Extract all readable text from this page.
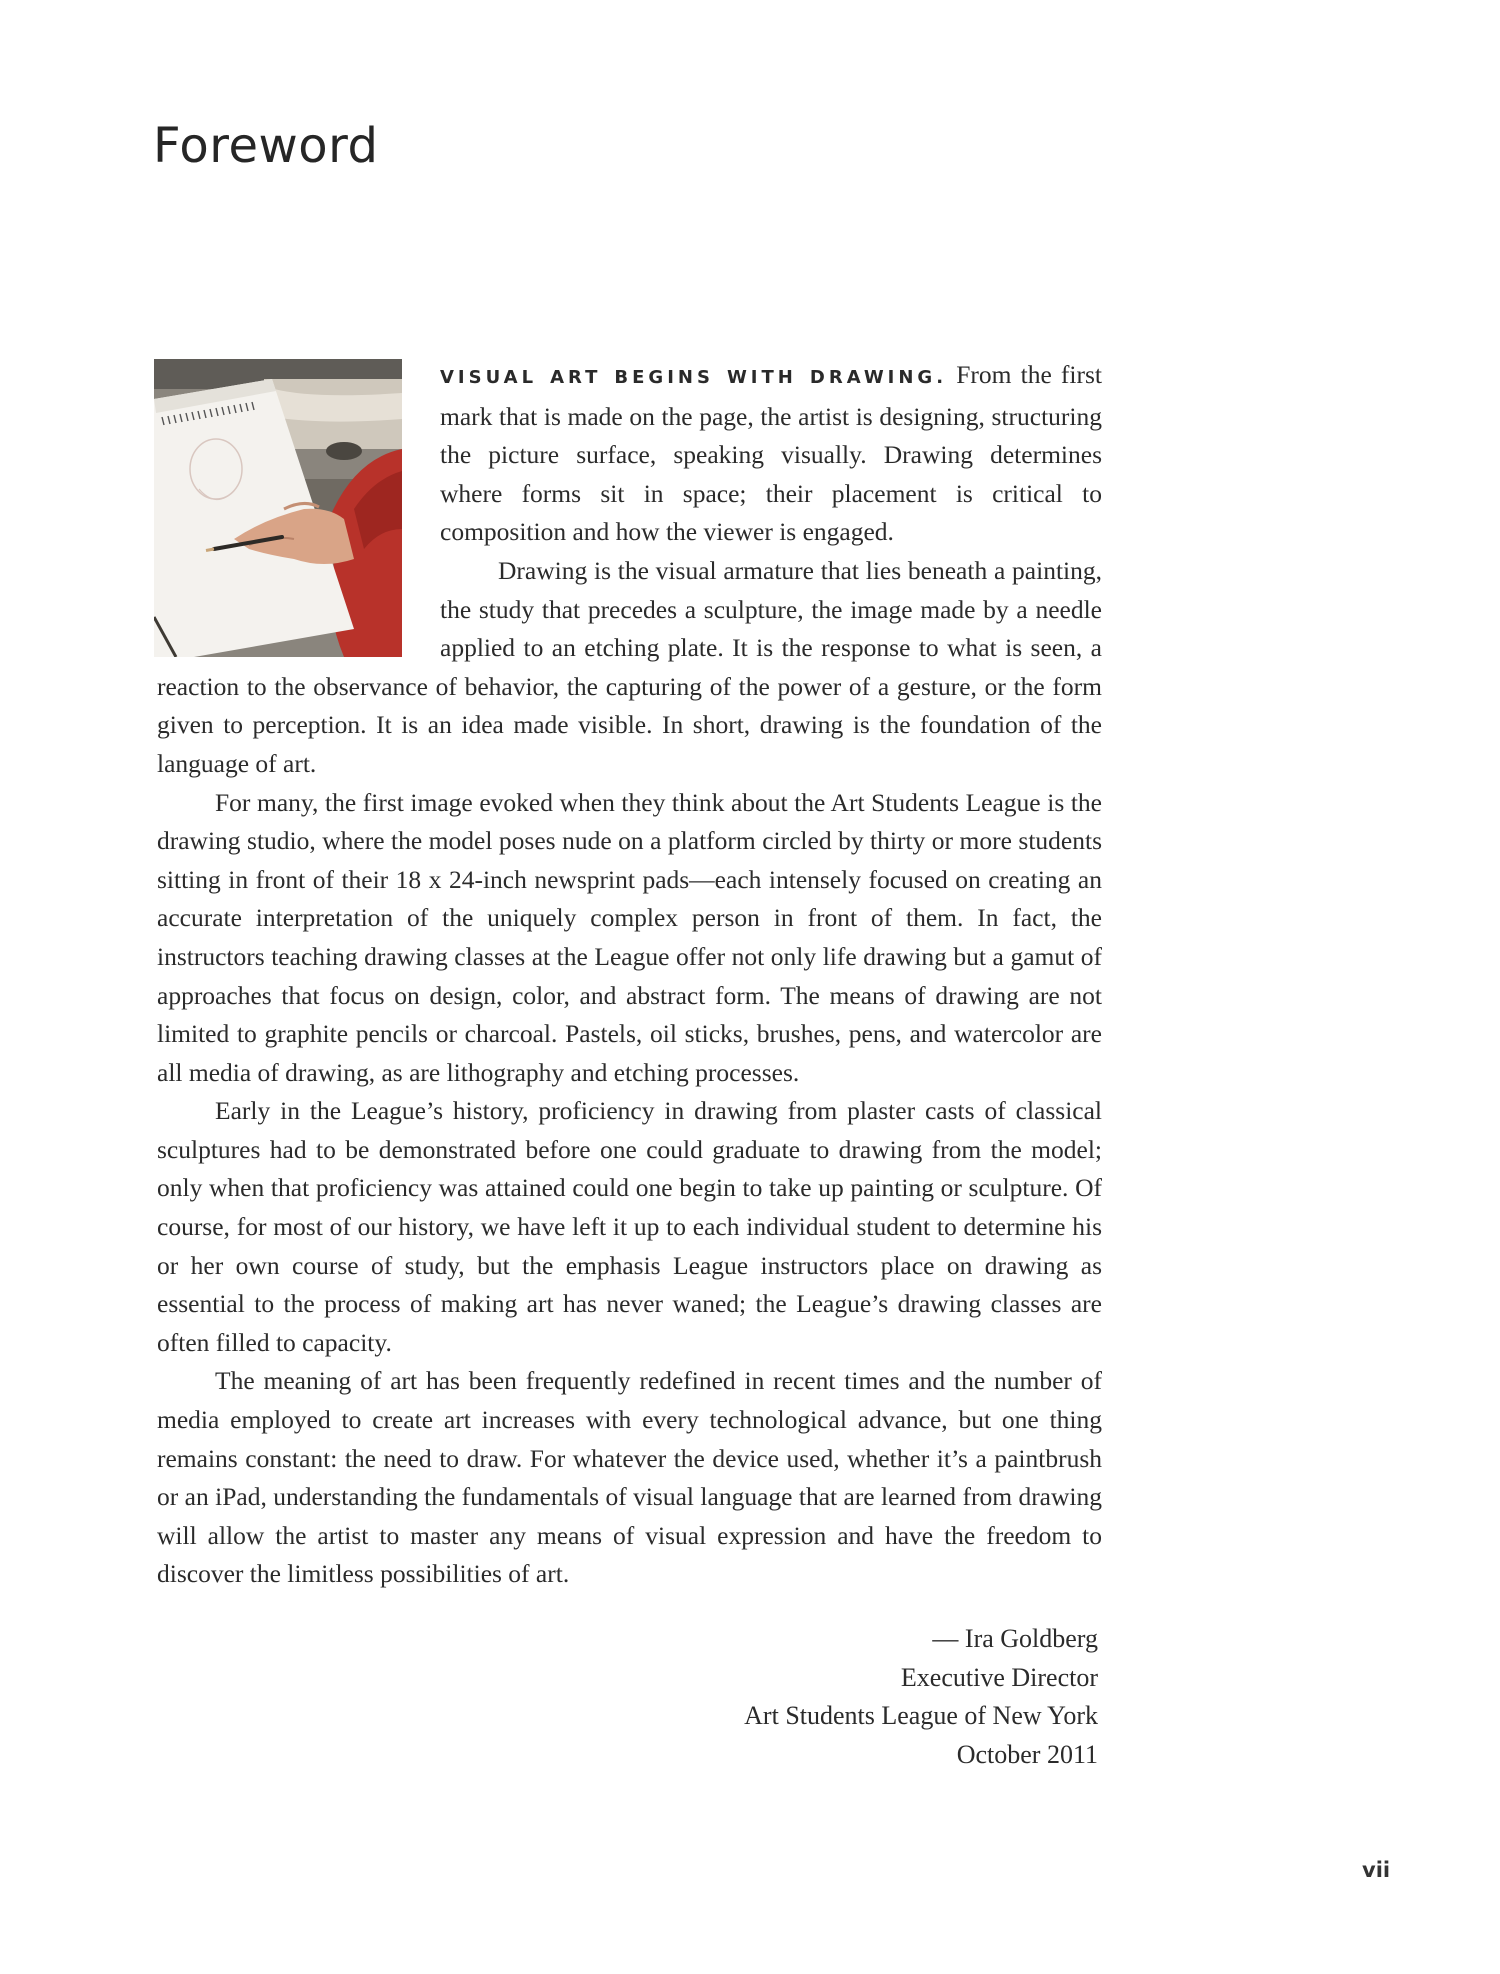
Foreword

VISUAL ART BEGINS WITH DRAWING. From the first mark that is made on the page, the artist is designing, structuring the picture surface, speaking visually. Drawing determines where forms sit in space; their placement is critical to composition and how the viewer is engaged.

Drawing is the visual armature that lies beneath a painting, the study that precedes a sculpture, the image made by a needle applied to an etching plate. It is the response to what is seen, a reaction to the observance of behavior, the capturing of the power of a gesture, or the form given to perception. It is an idea made visible. In short, drawing is the foundation of the language of art.

For many, the first image evoked when they think about the Art Students League is the drawing studio, where the model poses nude on a platform circled by thirty or more students sitting in front of their 18 x 24-inch newsprint pads—each intensely focused on creating an accurate interpretation of the uniquely complex person in front of them. In fact, the instructors teaching drawing classes at the League offer not only life drawing but a gamut of approaches that focus on design, color, and abstract form. The means of drawing are not limited to graphite pencils or charcoal. Pastels, oil sticks, brushes, pens, and watercolor are all media of drawing, as are lithography and etching processes.

Early in the League’s history, proficiency in drawing from plaster casts of classical sculptures had to be demonstrated before one could graduate to drawing from the model; only when that proficiency was attained could one begin to take up painting or sculpture. Of course, for most of our history, we have left it up to each individual student to determine his or her own course of study, but the emphasis League instructors place on drawing as essential to the process of making art has never waned; the League’s drawing classes are often filled to capacity.

The meaning of art has been frequently redefined in recent times and the number of media employed to create art increases with every technological advance, but one thing remains constant: the need to draw. For whatever the device used, whether it’s a paintbrush or an iPad, understanding the fundamentals of visual language that are learned from drawing will allow the artist to master any means of visual expression and have the freedom to discover the limitless possibilities of art.

— Ira Goldberg
Executive Director
Art Students League of New York
October 2011
vii
